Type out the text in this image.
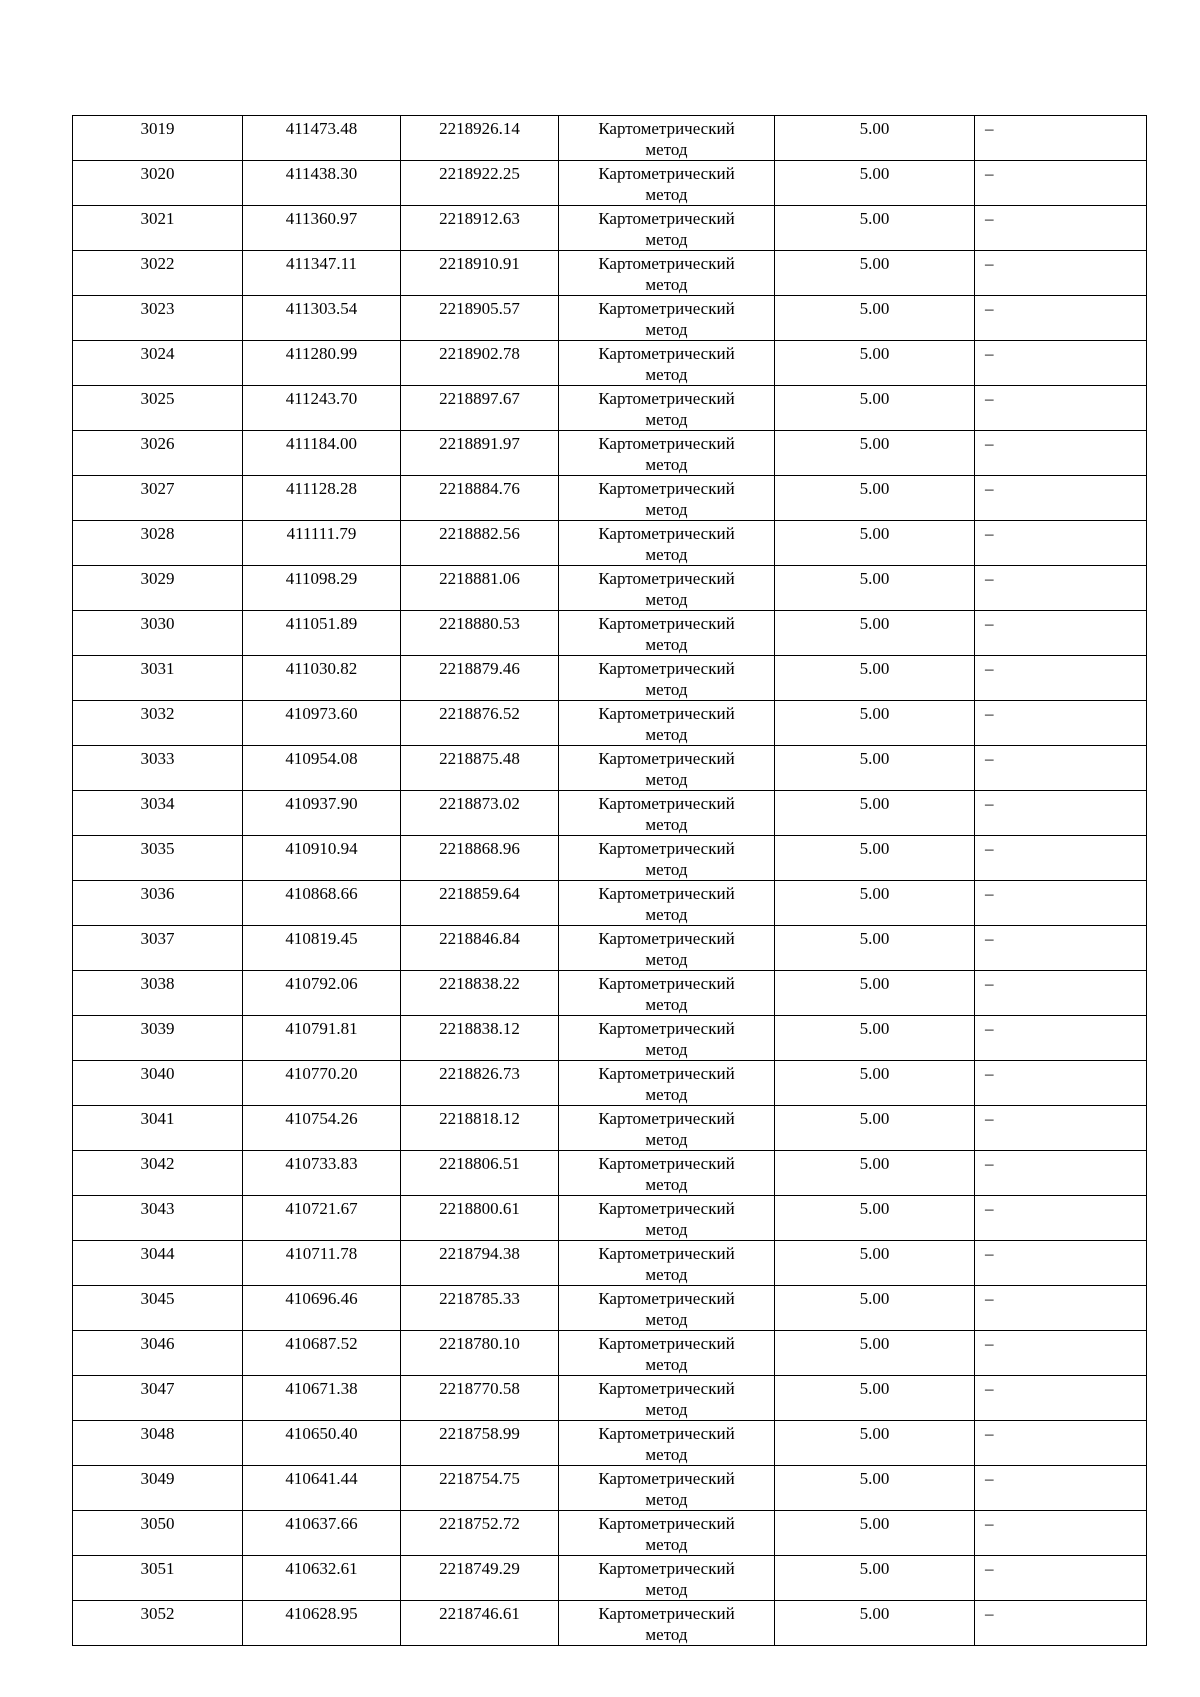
3019	411473.48	2218926.14	Картометрический метод	5.00	–
3020	411438.30	2218922.25	Картометрический метод	5.00	–
3021	411360.97	2218912.63	Картометрический метод	5.00	–
3022	411347.11	2218910.91	Картометрический метод	5.00	–
3023	411303.54	2218905.57	Картометрический метод	5.00	–
3024	411280.99	2218902.78	Картометрический метод	5.00	–
3025	411243.70	2218897.67	Картометрический метод	5.00	–
3026	411184.00	2218891.97	Картометрический метод	5.00	–
3027	411128.28	2218884.76	Картометрический метод	5.00	–
3028	411111.79	2218882.56	Картометрический метод	5.00	–
3029	411098.29	2218881.06	Картометрический метод	5.00	–
3030	411051.89	2218880.53	Картометрический метод	5.00	–
3031	411030.82	2218879.46	Картометрический метод	5.00	–
3032	410973.60	2218876.52	Картометрический метод	5.00	–
3033	410954.08	2218875.48	Картометрический метод	5.00	–
3034	410937.90	2218873.02	Картометрический метод	5.00	–
3035	410910.94	2218868.96	Картометрический метод	5.00	–
3036	410868.66	2218859.64	Картометрический метод	5.00	–
3037	410819.45	2218846.84	Картометрический метод	5.00	–
3038	410792.06	2218838.22	Картометрический метод	5.00	–
3039	410791.81	2218838.12	Картометрический метод	5.00	–
3040	410770.20	2218826.73	Картометрический метод	5.00	–
3041	410754.26	2218818.12	Картометрический метод	5.00	–
3042	410733.83	2218806.51	Картометрический метод	5.00	–
3043	410721.67	2218800.61	Картометрический метод	5.00	–
3044	410711.78	2218794.38	Картометрический метод	5.00	–
3045	410696.46	2218785.33	Картометрический метод	5.00	–
3046	410687.52	2218780.10	Картометрический метод	5.00	–
3047	410671.38	2218770.58	Картометрический метод	5.00	–
3048	410650.40	2218758.99	Картометрический метод	5.00	–
3049	410641.44	2218754.75	Картометрический метод	5.00	–
3050	410637.66	2218752.72	Картометрический метод	5.00	–
3051	410632.61	2218749.29	Картометрический метод	5.00	–
3052	410628.95	2218746.61	Картометрический метод	5.00	–
